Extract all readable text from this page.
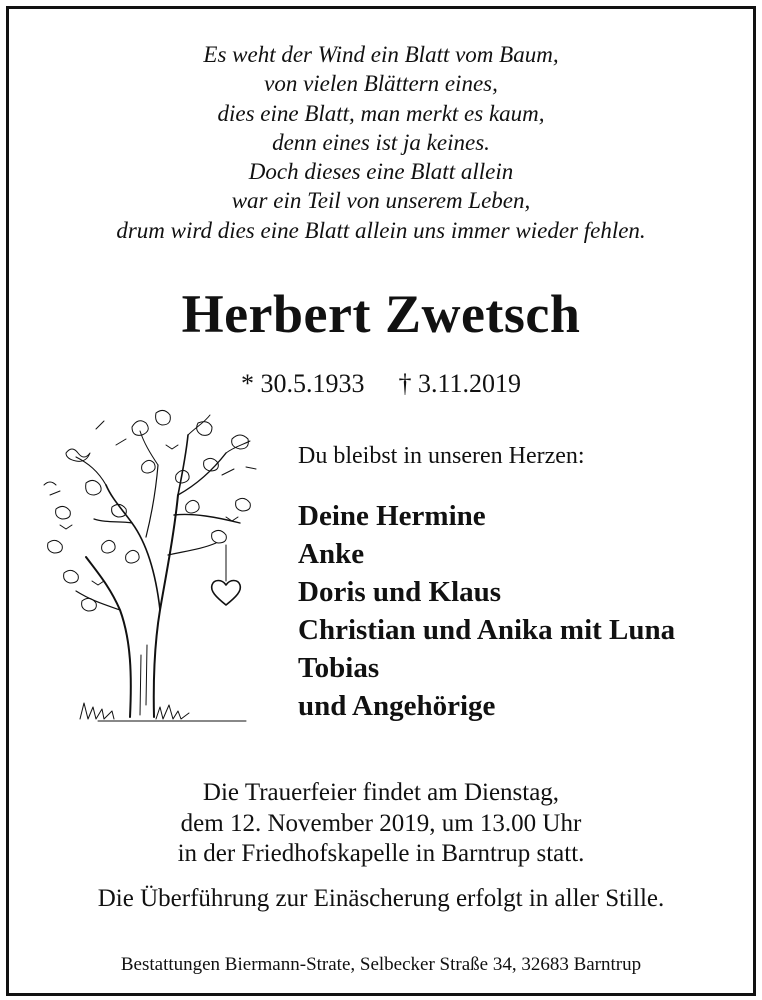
Es weht der Wind ein Blatt vom Baum,
von vielen Blättern eines,
dies eine Blatt, man merkt es kaum,
denn eines ist ja keines.
Doch dieses eine Blatt allein
war ein Teil von unserem Leben,
drum wird dies eine Blatt allein uns immer wieder fehlen.
Herbert Zwetsch
* 30.5.1933 † 3.11.2019
Du bleibst in unseren Herzen:
Deine Hermine
Anke
Doris und Klaus
Christian und Anika mit Luna
Tobias
und Angehörige
Die Trauerfeier findet am Dienstag,
dem 12. November 2019, um 13.00 Uhr
in der Friedhofskapelle in Barntrup statt.
Die Überführung zur Einäscherung erfolgt in aller Stille.
Bestattungen Biermann-Strate, Selbecker Straße 34, 32683 Barntrup
